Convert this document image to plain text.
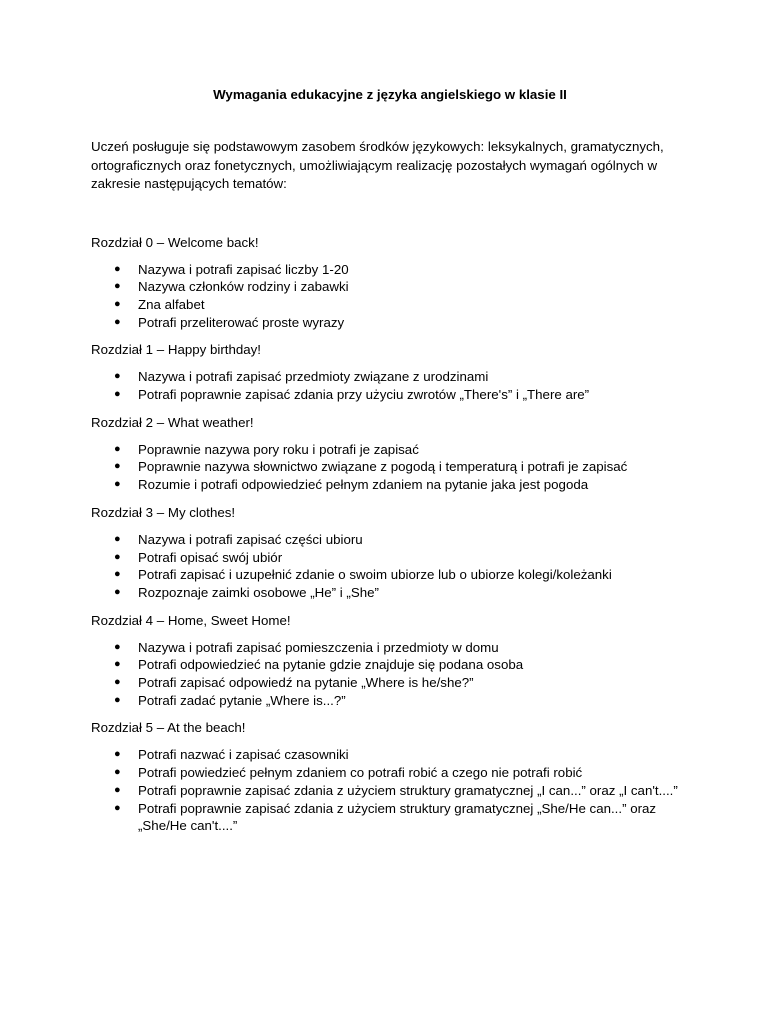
Wymagania edukacyjne z języka angielskiego w klasie II
Uczeń posługuje się podstawowym zasobem środków językowych: leksykalnych, gramatycznych, ortograficznych oraz fonetycznych, umożliwiającym realizację pozostałych wymagań ogólnych w zakresie następujących tematów:
Rozdział 0 – Welcome back!
● Nazywa i potrafi zapisać liczby 1-20
● Nazywa członków rodziny i zabawki
● Zna alfabet
● Potrafi przeliterować proste wyrazy
Rozdział 1 – Happy birthday!
● Nazywa i potrafi zapisać przedmioty związane z urodzinami
● Potrafi poprawnie zapisać zdania przy użyciu zwrotów „There's” i „There are”
Rozdział 2 – What weather!
● Poprawnie nazywa pory roku i potrafi je zapisać
● Poprawnie nazywa słownictwo związane z pogodą i temperaturą i potrafi je zapisać
● Rozumie i potrafi odpowiedzieć pełnym zdaniem na pytanie jaka jest pogoda
Rozdział 3 – My clothes!
● Nazywa i potrafi zapisać części ubioru
● Potrafi opisać swój ubiór
● Potrafi zapisać i uzupełnić zdanie o swoim ubiorze lub o ubiorze kolegi/koleżanki
● Rozpoznaje zaimki osobowe „He” i „She”
Rozdział 4 – Home, Sweet Home!
● Nazywa i potrafi zapisać pomieszczenia i przedmioty w domu
● Potrafi odpowiedzieć na pytanie gdzie znajduje się podana osoba
● Potrafi zapisać odpowiedź na pytanie „Where is he/she?”
● Potrafi zadać pytanie „Where is...?”
Rozdział 5 – At the beach!
● Potrafi nazwać i zapisać czasowniki
● Potrafi powiedzieć pełnym zdaniem co potrafi robić a czego nie potrafi robić
● Potrafi poprawnie zapisać zdania z użyciem struktury gramatycznej „I can...” oraz „I can't....”
● Potrafi poprawnie zapisać zdania z użyciem struktury gramatycznej „She/He can...” oraz „She/He can't....”
